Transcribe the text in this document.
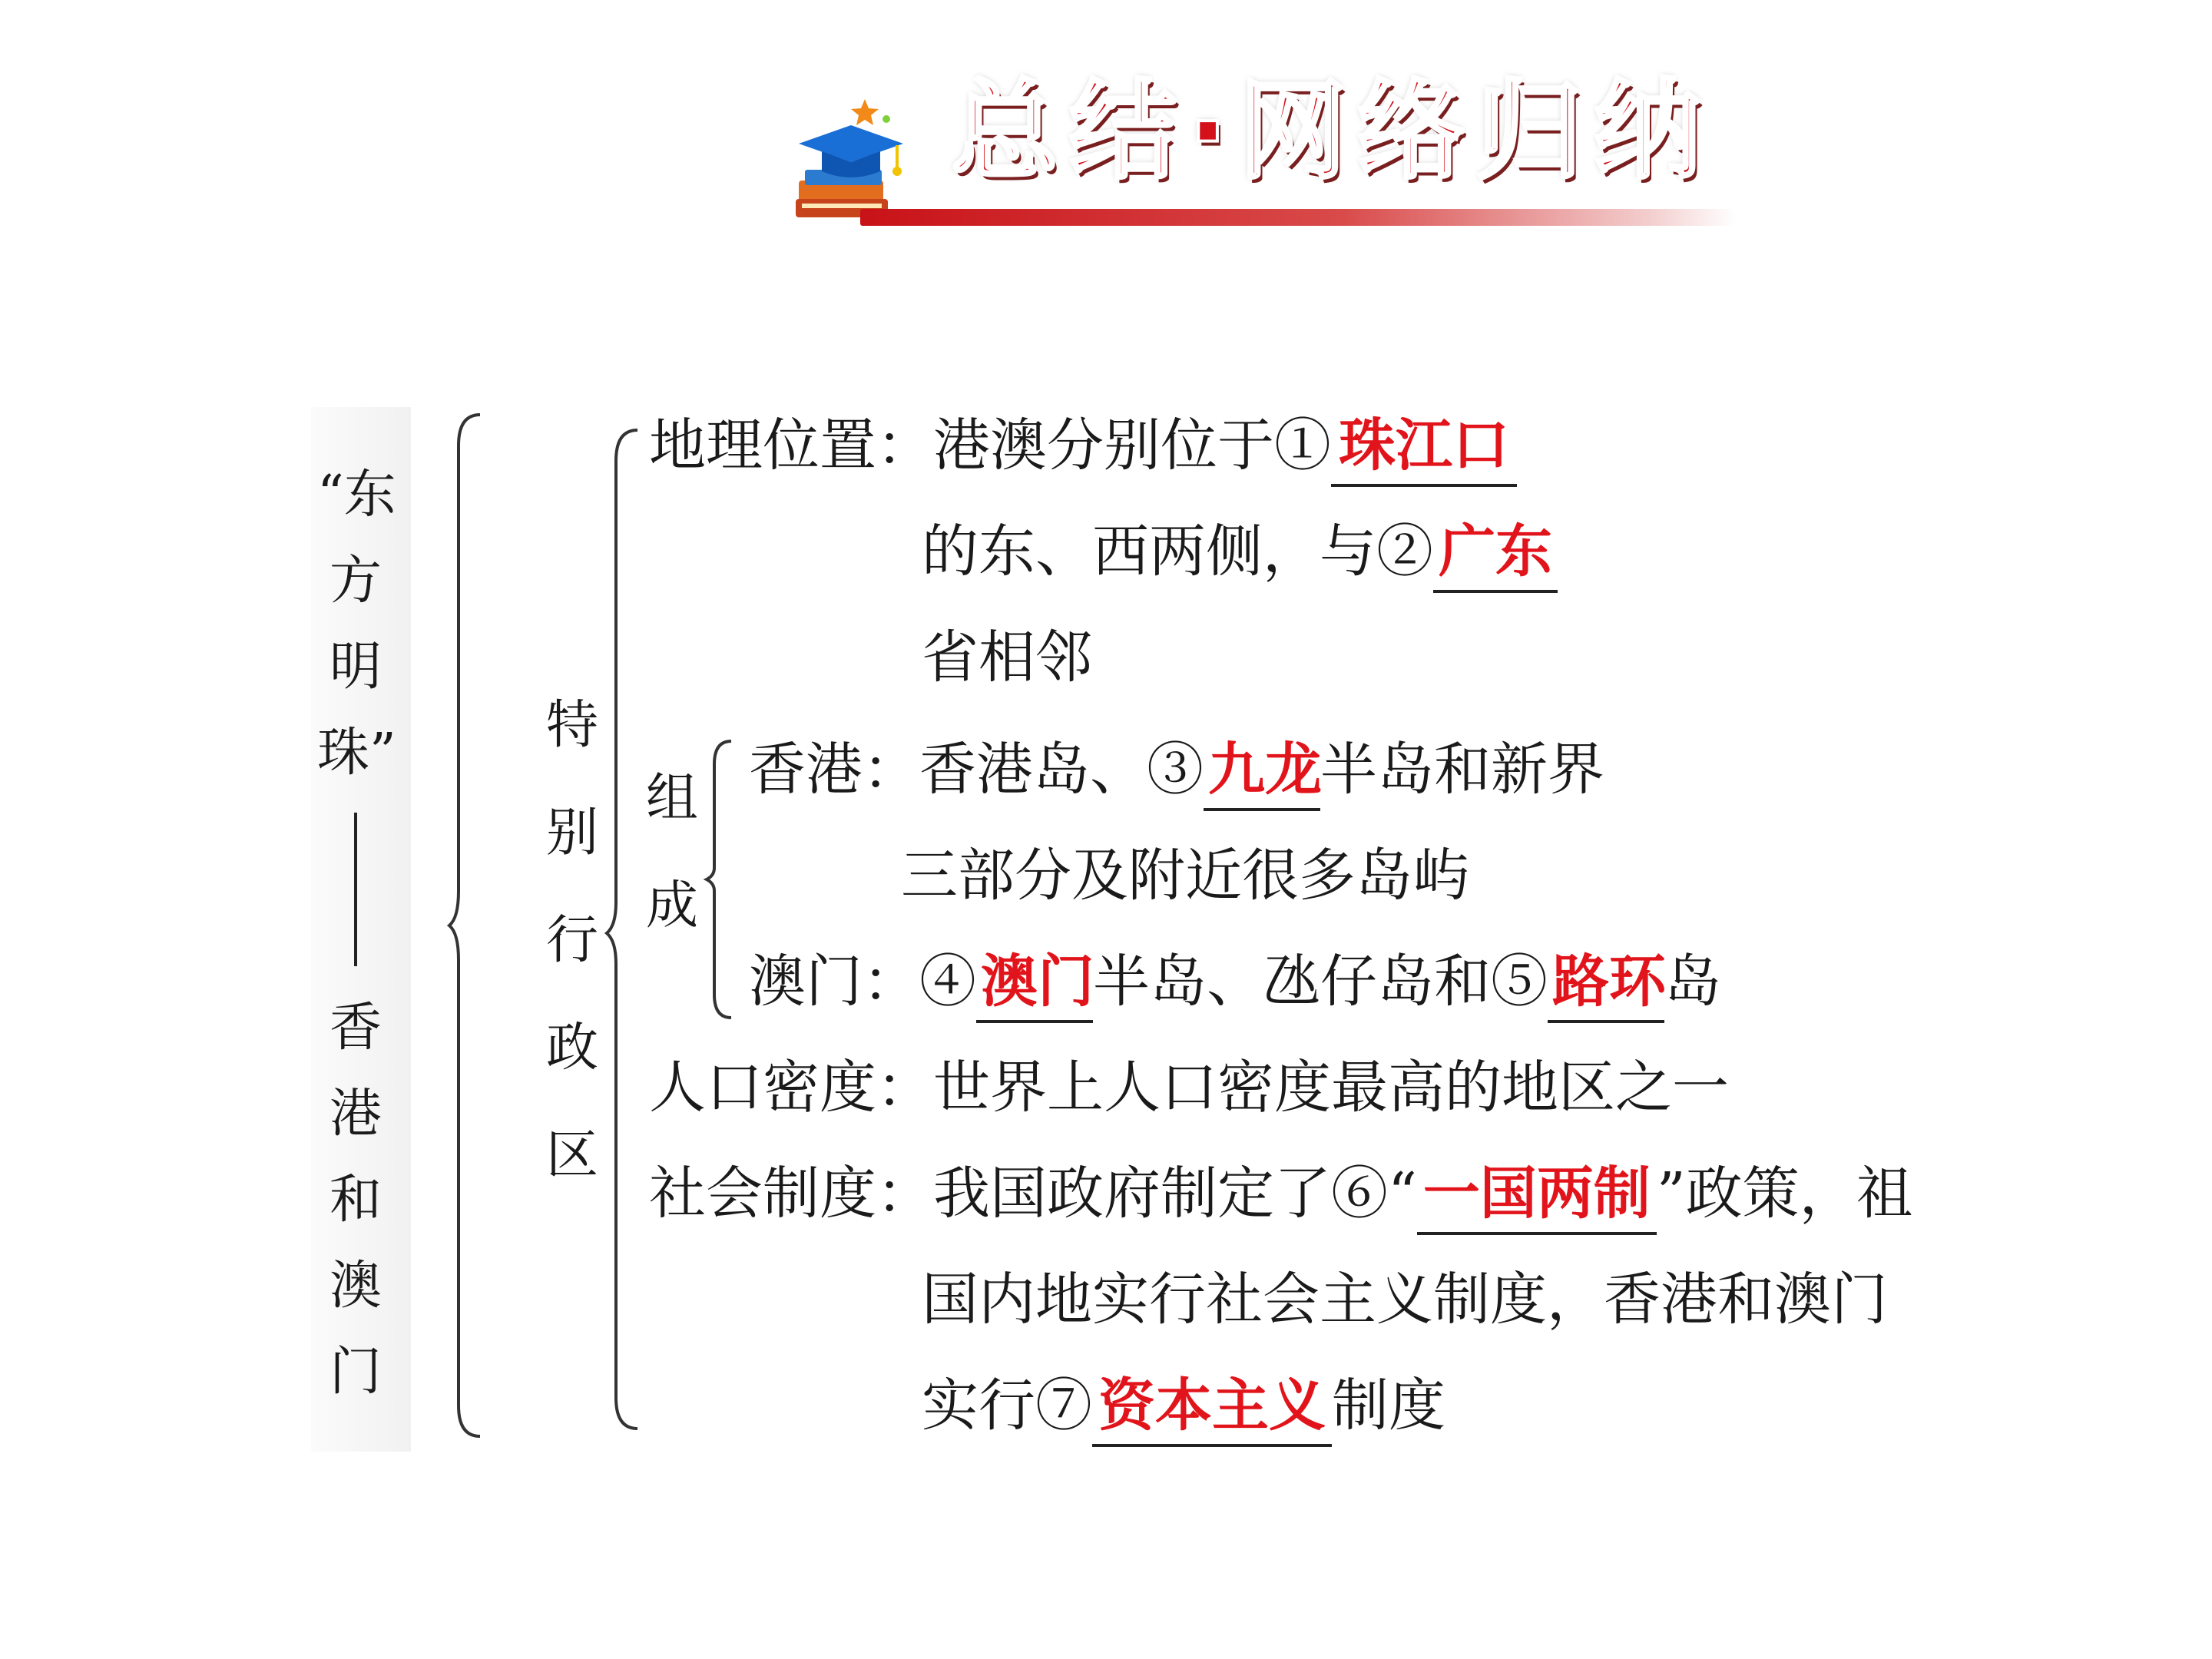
总结·网络归纳
“东
方
明
珠”
香
港
和
澳
门
特
别
行
政
区
地理位置：港澳分别位于① 珠江口
的东、西两侧，与②广东
省相邻
组
成
香港：香港岛、③九龙半岛和新界
三部分及附近很多岛屿
澳门：④澳门半岛、氹仔岛和⑤路环岛
人口密度：世界上人口密度最高的地区之一
社会制度：我国政府制定了⑥“ 一国两制 ”政策，祖
国内地实行社会主义制度，香港和澳门
实行⑦ 资本主义 制度
